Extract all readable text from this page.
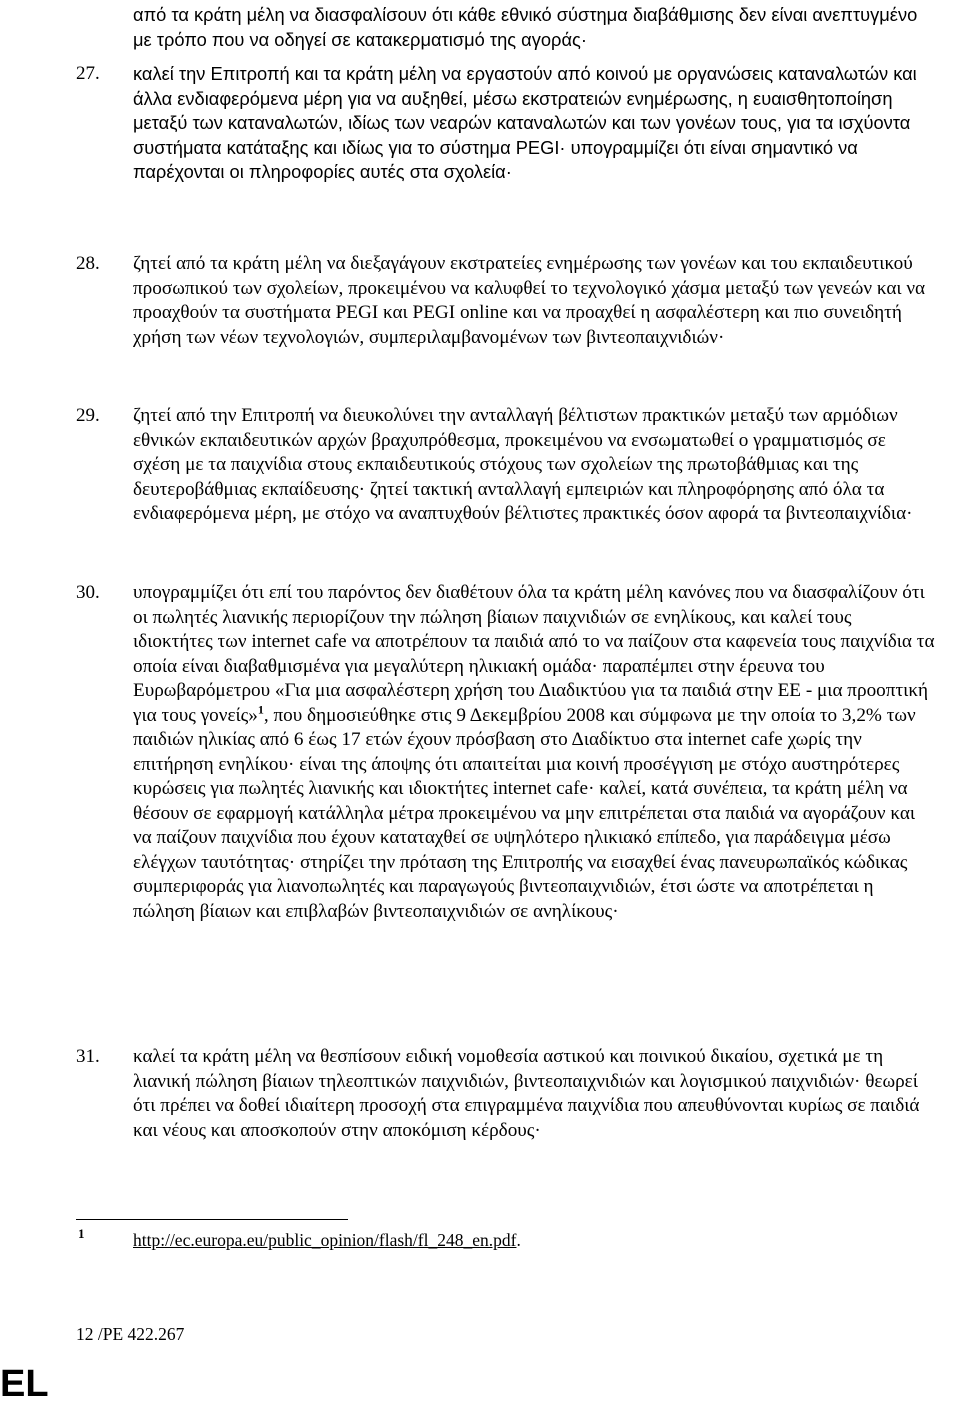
από τα κράτη μέλη να διασφαλίσουν ότι κάθε εθνικό σύστημα διαβάθμισης δεν είναι ανεπτυγμένο με τρόπο που να οδηγεί σε κατακερματισμό της αγοράς·
27. καλεί την Επιτροπή και τα κράτη μέλη να εργαστούν από κοινού με οργανώσεις καταναλωτών και άλλα ενδιαφερόμενα μέρη για να αυξηθεί, μέσω εκστρατειών ενημέρωσης, η ευαισθητοποίηση μεταξύ των καταναλωτών, ιδίως των νεαρών καταναλωτών και των γονέων τους, για τα ισχύοντα συστήματα κατάταξης και ιδίως για το σύστημα PEGI· υπογραμμίζει ότι είναι σημαντικό να παρέχονται οι πληροφορίες αυτές στα σχολεία·
28. ζητεί από τα κράτη μέλη να διεξαγάγουν εκστρατείες ενημέρωσης των γονέων και του εκπαιδευτικού προσωπικού των σχολείων, προκειμένου να καλυφθεί το τεχνολογικό χάσμα μεταξύ των γενεών και να προαχθούν τα συστήματα PEGI και PEGI online και να προαχθεί η ασφαλέστερη και πιο συνειδητή χρήση των νέων τεχνολογιών, συμπεριλαμβανομένων των βιντεοπαιχνιδιών·
29. ζητεί από την Επιτροπή να διευκολύνει την ανταλλαγή βέλτιστων πρακτικών μεταξύ των αρμόδιων εθνικών εκπαιδευτικών αρχών βραχυπρόθεσμα, προκειμένου να ενσωματωθεί ο γραμματισμός σε σχέση με τα παιχνίδια στους εκπαιδευτικούς στόχους των σχολείων της πρωτοβάθμιας και της δευτεροβάθμιας εκπαίδευσης· ζητεί τακτική ανταλλαγή εμπειριών και πληροφόρησης από όλα τα ενδιαφερόμενα μέρη, με στόχο να αναπτυχθούν βέλτιστες πρακτικές όσον αφορά τα βιντεοπαιχνίδια·
30. υπογραμμίζει ότι επί του παρόντος δεν διαθέτουν όλα τα κράτη μέλη κανόνες που να διασφαλίζουν ότι οι πωλητές λιανικής περιορίζουν την πώληση βίαιων παιχνιδιών σε ενηλίκους, και καλεί τους ιδιοκτήτες των internet cafe να αποτρέπουν τα παιδιά από το να παίζουν στα καφενεία τους παιχνίδια τα οποία είναι διαβαθμισμένα για μεγαλύτερη ηλικιακή ομάδα· παραπέμπει στην έρευνα του Ευρωβαρόμετρου «Για μια ασφαλέστερη χρήση του Διαδικτύου για τα παιδιά στην ΕΕ - μια προοπτική για τους γονείς»$^1$, που δημοσιεύθηκε στις 9 Δεκεμβρίου 2008 και σύμφωνα με την οποία το 3,2% των παιδιών ηλικίας από 6 έως 17 ετών έχουν πρόσβαση στο Διαδίκτυο στα internet cafe χωρίς την επιτήρηση ενηλίκου· είναι της άποψης ότι απαιτείται μια κοινή προσέγγιση με στόχο αυστηρότερες κυρώσεις για πωλητές λιανικής και ιδιοκτήτες internet cafe· καλεί, κατά συνέπεια, τα κράτη μέλη να θέσουν σε εφαρμογή κατάλληλα μέτρα προκειμένου να μην επιτρέπεται στα παιδιά να αγοράζουν και να παίζουν παιχνίδια που έχουν καταταχθεί σε υψηλότερο ηλικιακό επίπεδο, για παράδειγμα μέσω ελέγχων ταυτότητας· στηρίζει την πρόταση της Επιτροπής να εισαχθεί ένας πανευρωπαϊκός κώδικας συμπεριφοράς για λιανοπωλητές και παραγωγούς βιντεοπαιχνιδιών, έτσι ώστε να αποτρέπεται η πώληση βίαιων και επιβλαβών βιντεοπαιχνιδιών σε ανηλίκους·
31. καλεί τα κράτη μέλη να θεσπίσουν ειδική νομοθεσία αστικού και ποινικού δικαίου, σχετικά με τη λιανική πώληση βίαιων τηλεοπτικών παιχνιδιών, βιντεοπαιχνιδιών και λογισμικού παιχνιδιών· θεωρεί ότι πρέπει να δοθεί ιδιαίτερη προσοχή στα επιγραμμένα παιχνίδια που απευθύνονται κυρίως σε παιδιά και νέους και αποσκοπούν στην αποκόμιση κέρδους·
1	http://ec.europa.eu/public_opinion/flash/fl_248_en.pdf.
12 /PE 422.267
EL
